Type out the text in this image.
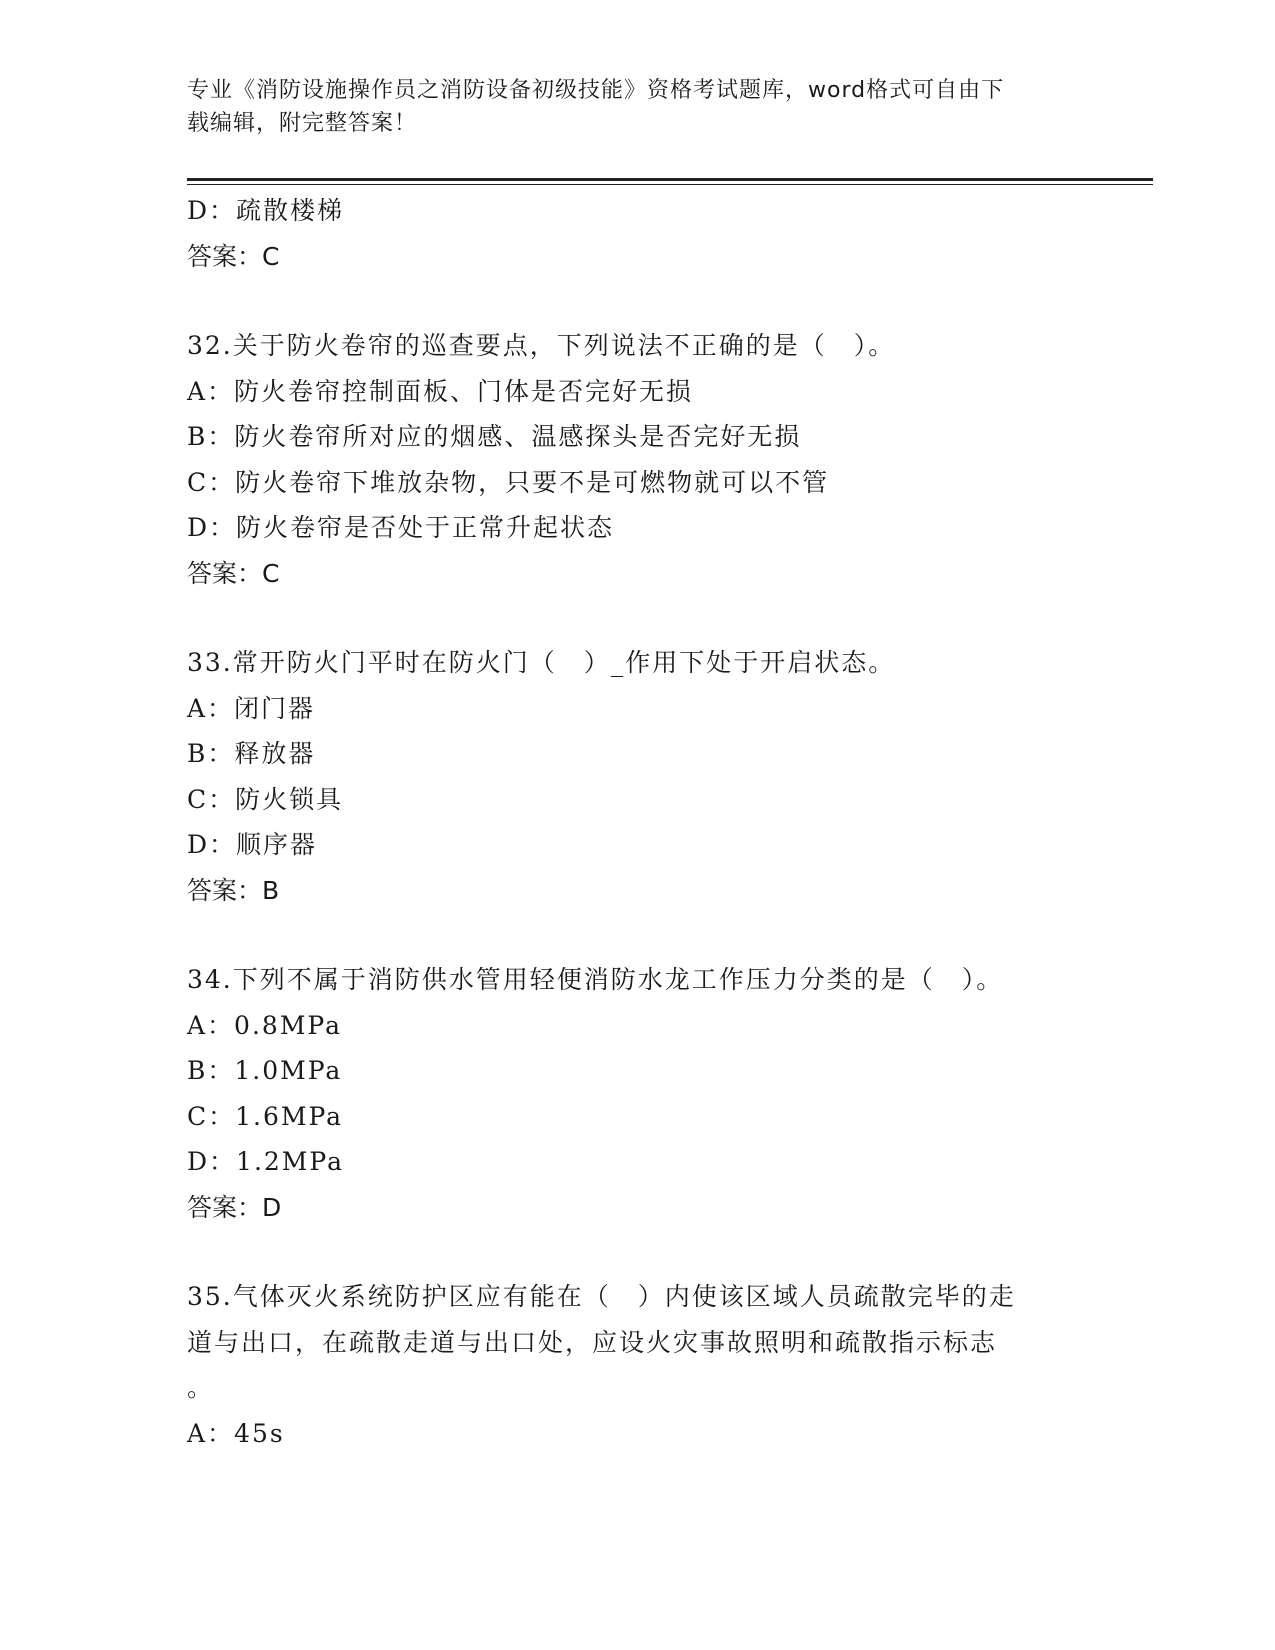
专业《消防设施操作员之消防设备初级技能》资格考试题库，word格式可自由下
载编辑，附完整答案！
D：疏散楼梯
答案：C
32.关于防火卷帘的巡查要点，下列说法不正确的是（　）。
A：防火卷帘控制面板、门体是否完好无损
B：防火卷帘所对应的烟感、温感探头是否完好无损
C：防火卷帘下堆放杂物，只要不是可燃物就可以不管
D：防火卷帘是否处于正常升起状态
答案：C
33.常开防火门平时在防火门（　）_作用下处于开启状态。
A：闭门器
B：释放器
C：防火锁具
D：顺序器
答案：B
34.下列不属于消防供水管用轻便消防水龙工作压力分类的是（　）。
A：0.8MPa
B：1.0MPa
C：1.6MPa
D：1.2MPa
答案：D
35.气体灭火系统防护区应有能在（　）内使该区域人员疏散完毕的走
道与出口，在疏散走道与出口处，应设火灾事故照明和疏散指示标志
。
A：45s
